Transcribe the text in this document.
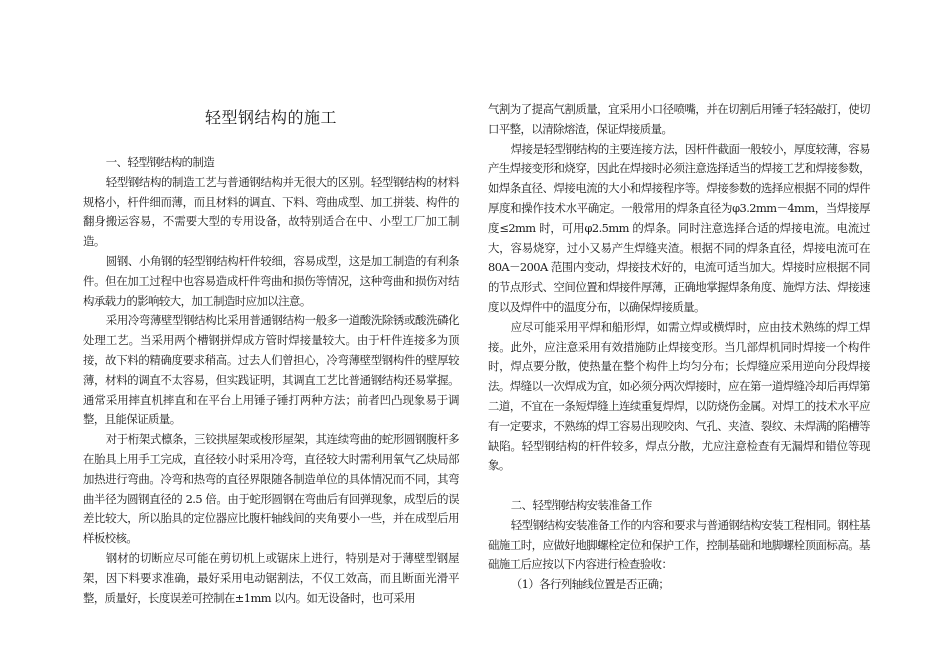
轻型钢结构的施工

一、轻型钢结构的制造

轻型钢结构的制造工艺与普通钢结构并无很大的区别。轻型钢结构的材料规格小，杆件细而薄，而且材料的调直、下料、弯曲成型、加工拼装、构件的翻身搬运容易，不需要大型的专用设备，故特别适合在中、小型工厂加工制造。

圆钢、小角钢的轻型钢结构杆件较细，容易成型，这是加工制造的有利条件。但在加工过程中也容易造成杆件弯曲和损伤等情况，这种弯曲和损伤对结构承载力的影响较大，加工制造时应加以注意。

采用冷弯薄壁型钢结构比采用普通钢结构一般多一道酸洗除锈或酸洗磷化处理工艺。当采用两个槽钢拼焊成方管时焊接量较大。由于杆件连接多为顶接，故下料的精确度要求稍高。过去人们曾担心，冷弯薄壁型钢构件的壁厚较薄，材料的调直不太容易，但实践证明，其调直工艺比普通钢结构还易掌握。通常采用摔直机摔直和在平台上用锤子锤打两种方法；前者凹凸现象易于调整，且能保证质量。

对于桁架式檩条，三铰拱屋架或梭形屋架，其连续弯曲的蛇形圆钢腹杆多在胎具上用手工完成，直径较小时采用冷弯，直径较大时需利用氧气乙炔局部加热进行弯曲。冷弯和热弯的直径界限随各制造单位的具体情况而不同，其弯曲半径为圆钢直径的 2.5 倍。由于蛇形圆钢在弯曲后有回弹现象，成型后的误差比较大，所以胎具的定位器应比腹杆轴线间的夹角要小一些，并在成型后用样板校核。

钢材的切断应尽可能在剪切机上或锯床上进行，特别是对于薄壁型钢屋架，因下料要求准确，最好采用电动锯割法，不仅工效高，而且断面光滑平整，质量好，长度误差可控制在±1mm 以内。如无设备时，也可采用

气割为了提高气割质量，宜采用小口径喷嘴，并在切割后用锤子轻轻敲打，使切口平整，以清除熔渣，保证焊接质量。

焊接是轻型钢结构的主要连接方法，因杆件截面一般较小，厚度较薄，容易产生焊接变形和烧穿，因此在焊接时必须注意选择适当的焊接工艺和焊接参数，如焊条直径、焊接电流的大小和焊接程序等。焊接参数的选择应根据不同的焊件厚度和操作技术水平确定。一般常用的焊条直径为φ3.2mm－4mm，当焊接厚度≤2mm 时，可用φ2.5mm 的焊条。同时注意选择合适的焊接电流。电流过大，容易烧穿，过小又易产生焊缝夹渣。根据不同的焊条直径，焊接电流可在 80A－200A 范围内变动，焊接技术好的，电流可适当加大。焊接时应根据不同的节点形式、空间位置和焊接件厚薄，正确地掌握焊条角度、施焊方法、焊接速度以及焊件中的温度分布，以确保焊接质量。

应尽可能采用平焊和船形焊，如需立焊或横焊时，应由技术熟练的焊工焊接。此外，应注意采用有效措施防止焊接变形。当几部焊机同时焊接一个构件时，焊点要分散，使热量在整个构件上均匀分布；长焊缝应采用逆向分段焊接法。焊缝以一次焊成为宜，如必须分两次焊接时，应在第一道焊缝冷却后再焊第二道，不宜在一条短焊缝上连续重复焊焊，以防烧伤金属。对焊工的技术水平应有一定要求，不熟练的焊工容易出现咬肉、气孔、夹渣、裂纹、未焊满的陷槽等缺陷。轻型钢结构的杆件较多，焊点分散，尤应注意检查有无漏焊和错位等现象。

二、轻型钢结构安装准备工作

轻型钢结构安装准备工作的内容和要求与普通钢结构安装工程相同。钢柱基础施工时，应做好地脚螺栓定位和保护工作，控制基础和地脚螺栓顶面标高。基础施工后应按以下内容进行检查验收：

（1）各行列轴线位置是否正确；
